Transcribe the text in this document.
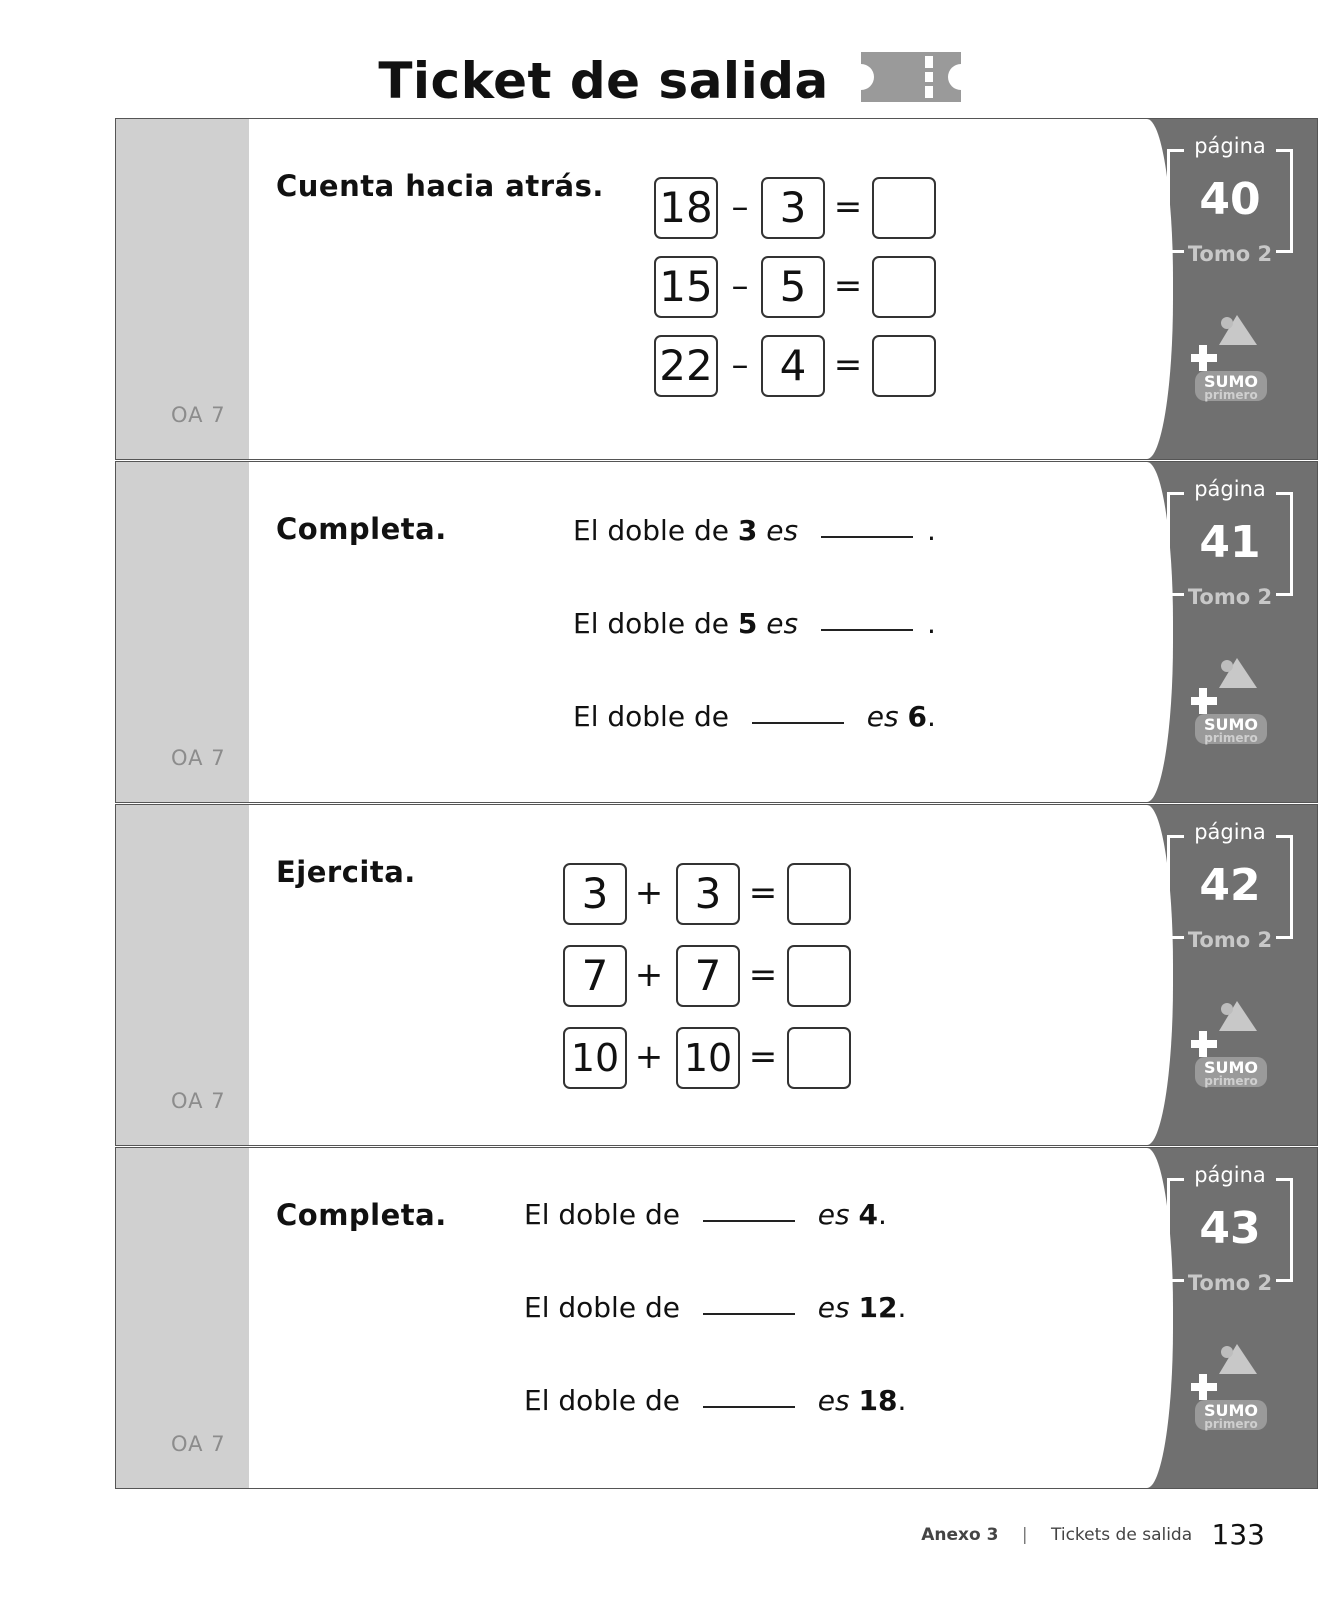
Ticket de salida
OA 7
Cuenta hacia atrás. 18 – 3 =
15 – 5 =
22 – 4 =
página
40
Tomo 2
SUMO
primero
OA 7
Completa.	El doble de 3 es	.
El doble de 5 es	.
El doble de	es 6.
página
41
Tomo 2
SUMO
primero
OA 7
Ejercita.	3 + 3 =
7 + 7 =
10 + 10 =
página
42
Tomo 2
SUMO
primero
OA 7
Completa.	El doble de	es 4.
El doble de	es 12.
El doble de	es 18.
página
43
Tomo 2
SUMO
primero
Anexo 3 | Tickets de salida 133
